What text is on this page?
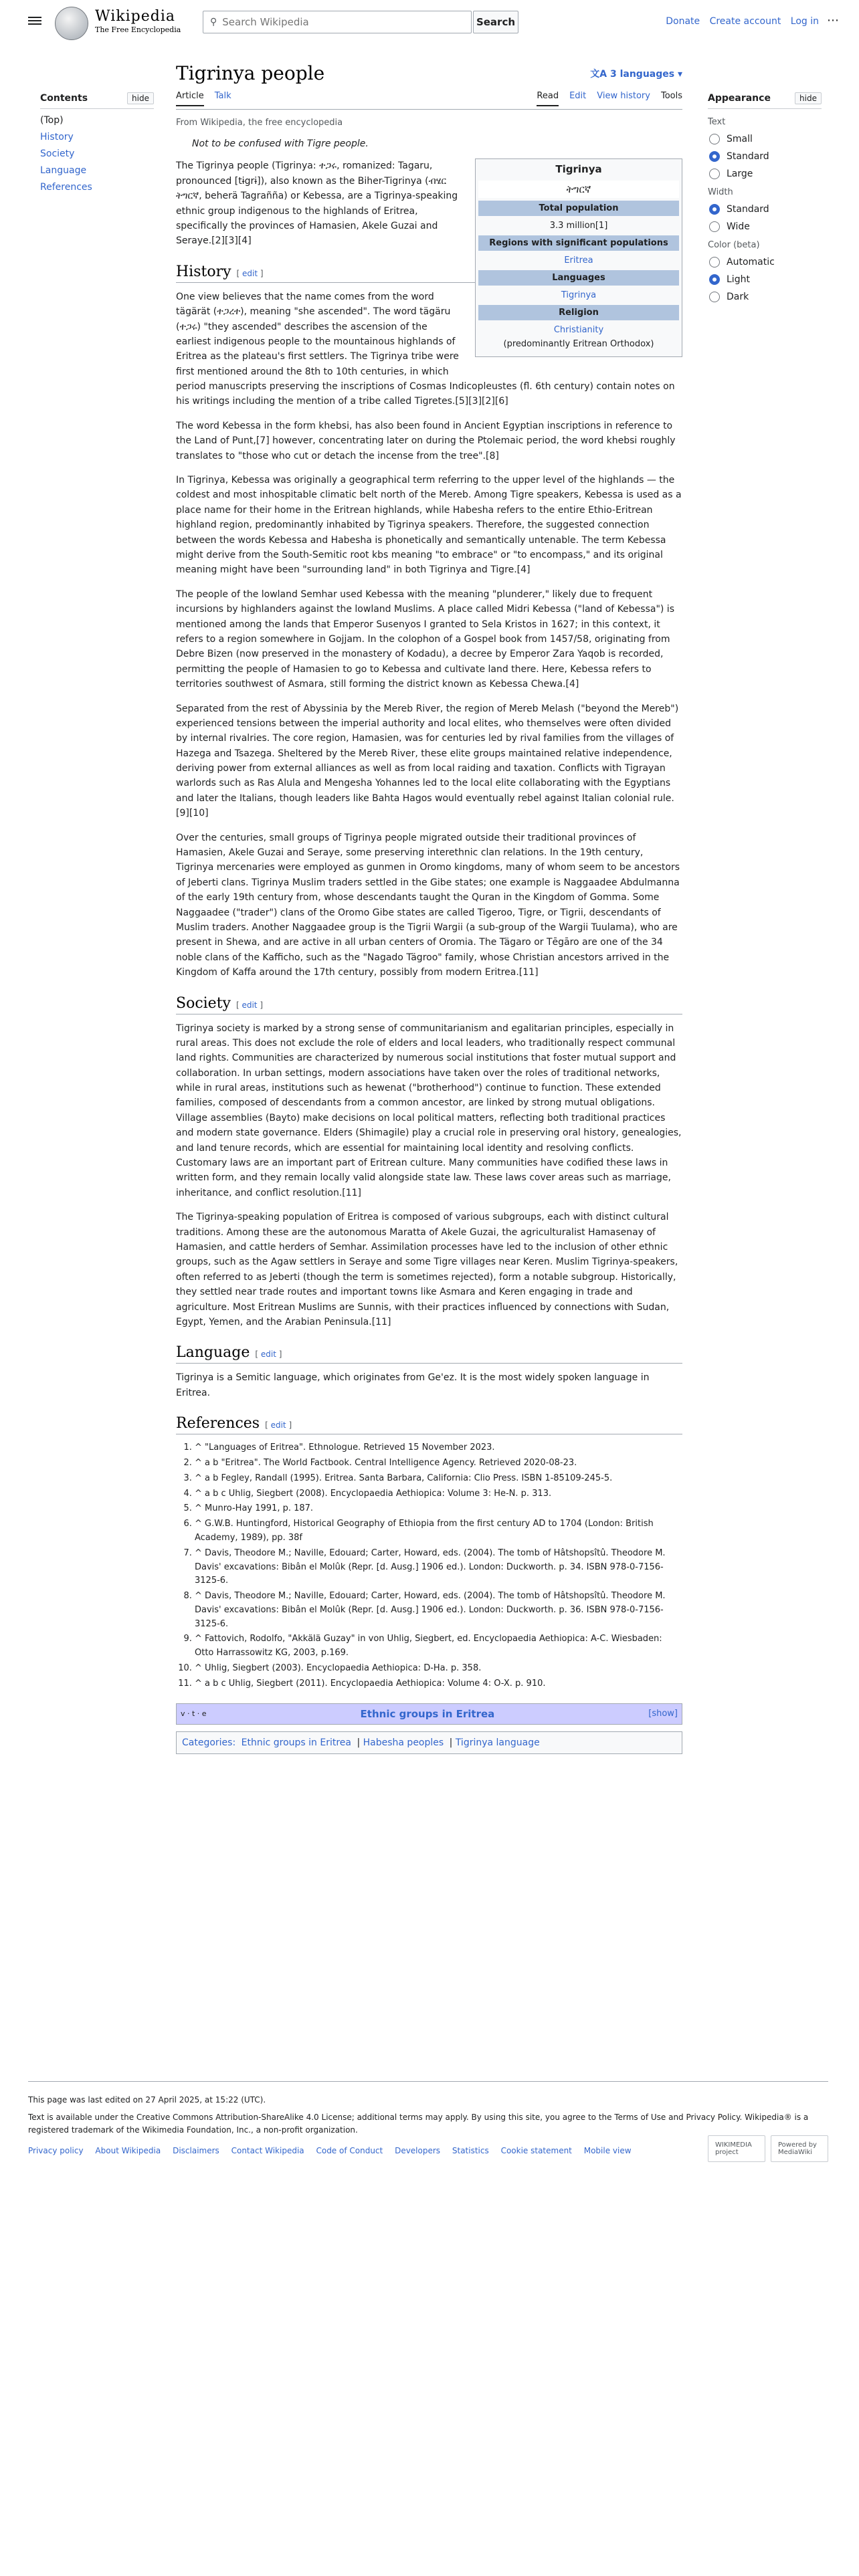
Wikipedia
The Free Encyclopedia
⚲
Search Wikipedia	Search	Donate Create account Log in ⋯
Contents	hide
(Top)
History
Society
Language
References
Appearance	hide
Text
Small
Standard
Large
Width
Standard
Wide
Color (beta)
Automatic
Light
Dark
Tigrinya people	文A 3 languages ▾
Article Talk	Read Edit View history Tools
From Wikipedia, the free encyclopedia
Not to be confused with Tigre people.
Tigrinya
ትግርኛ
Total population
3.3 million[1]
Regions with significant populations
Eritrea
Languages
Tigrinya
Religion
Christianity
(predominantly Eritrean Orthodox)

The Tigrinya people (Tigrinya: ተጋሩ, romanized: Tagaru, pronounced [tɨgrɨ]), also known as the Biher-Tigrinya (ብሄር ትግርኛ, beherä Tagrañña) or Kebessa, are a Tigrinya-speaking ethnic group indigenous to the highlands of Eritrea, specifically the provinces of Hamasien, Akele Guzai and Seraye.[2][3][4]

History [ edit ]

One view believes that the name comes from the word tägärät (ተጋረተ), meaning "she ascended". The word tägäru (ተጋሩ) "they ascended" describes the ascension of the earliest indigenous people to the mountainous highlands of Eritrea as the plateau's first settlers. The Tigrinya tribe were first mentioned around the 8th to 10th centuries, in which period manuscripts preserving the inscriptions of Cosmas Indicopleustes (fl. 6th century) contain notes on his writings including the mention of a tribe called Tigretes.[5][3][2][6]

The word Kebessa in the form khebsi, has also been found in Ancient Egyptian inscriptions in reference to the Land of Punt,[7] however, concentrating later on during the Ptolemaic period, the word khebsi roughly translates to "those who cut or detach the incense from the tree".[8]

In Tigrinya, Kebessa was originally a geographical term referring to the upper level of the highlands — the coldest and most inhospitable climatic belt north of the Mereb. Among Tigre speakers, Kebessa is used as a place name for their home in the Eritrean highlands, while Habesha refers to the entire Ethio-Eritrean highland region, predominantly inhabited by Tigrinya speakers. Therefore, the suggested connection between the words Kebessa and Habesha is phonetically and semantically untenable. The term Kebessa might derive from the South-Semitic root kbs meaning "to embrace" or "to encompass," and its original meaning might have been "surrounding land" in both Tigrinya and Tigre.[4]

The people of the lowland Semhar used Kebessa with the meaning "plunderer," likely due to frequent incursions by highlanders against the lowland Muslims. A place called Midri Kebessa ("land of Kebessa") is mentioned among the lands that Emperor Susenyos I granted to Sela Kristos in 1627; in this context, it refers to a region somewhere in Gojjam. In the colophon of a Gospel book from 1457/58, originating from Debre Bizen (now preserved in the monastery of Kodadu), a decree by Emperor Zara Yaqob is recorded, permitting the people of Hamasien to go to Kebessa and cultivate land there. Here, Kebessa refers to territories southwest of Asmara, still forming the district known as Kebessa Chewa.[4]

Separated from the rest of Abyssinia by the Mereb River, the region of Mereb Melash ("beyond the Mereb") experienced tensions between the imperial authority and local elites, who themselves were often divided by internal rivalries. The core region, Hamasien, was for centuries led by rival families from the villages of Hazega and Tsazega. Sheltered by the Mereb River, these elite groups maintained relative independence, deriving power from external alliances as well as from local raiding and taxation. Conflicts with Tigrayan warlords such as Ras Alula and Mengesha Yohannes led to the local elite collaborating with the Egyptians and later the Italians, though leaders like Bahta Hagos would eventually rebel against Italian colonial rule.[9][10]

Over the centuries, small groups of Tigrinya people migrated outside their traditional provinces of Hamasien, Akele Guzai and Seraye, some preserving interethnic clan relations. In the 19th century, Tigrinya mercenaries were employed as gunmen in Oromo kingdoms, many of whom seem to be ancestors of Jeberti clans. Tigrinya Muslim traders settled in the Gibe states; one example is Naggaadee Abdulmanna of the early 19th century from, whose descendants taught the Quran in the Kingdom of Gomma. Some Naggaadee ("trader") clans of the Oromo Gibe states are called Tigeroo, Tigre, or Tigrii, descendants of Muslim traders. Another Naggaadee group is the Tigrii Wargii (a sub-group of the Wargii Tuulama), who are present in Shewa, and are active in all urban centers of Oromia. The Tägaro or Tēgāro are one of the 34 noble clans of the Kafficho, such as the "Nagado Tägroo" family, whose Christian ancestors arrived in the Kingdom of Kaffa around the 17th century, possibly from modern Eritrea.[11]

Society [ edit ]

Tigrinya society is marked by a strong sense of communitarianism and egalitarian principles, especially in rural areas. This does not exclude the role of elders and local leaders, who traditionally respect communal land rights. Communities are characterized by numerous social institutions that foster mutual support and collaboration. In urban settings, modern associations have taken over the roles of traditional networks, while in rural areas, institutions such as hewenat ("brotherhood") continue to function. These extended families, composed of descendants from a common ancestor, are linked by strong mutual obligations. Village assemblies (Bayto) make decisions on local political matters, reflecting both traditional practices and modern state governance. Elders (Shimagile) play a crucial role in preserving oral history, genealogies, and land tenure records, which are essential for maintaining local identity and resolving conflicts. Customary laws are an important part of Eritrean culture. Many communities have codified these laws in written form, and they remain locally valid alongside state law. These laws cover areas such as marriage, inheritance, and conflict resolution.[11]

The Tigrinya-speaking population of Eritrea is composed of various subgroups, each with distinct cultural traditions. Among these are the autonomous Maratta of Akele Guzai, the agriculturalist Hamasenay of Hamasien, and cattle herders of Semhar. Assimilation processes have led to the inclusion of other ethnic groups, such as the Agaw settlers in Seraye and some Tigre villages near Keren. Muslim Tigrinya-speakers, often referred to as Jeberti (though the term is sometimes rejected), form a notable subgroup. Historically, they settled near trade routes and important towns like Asmara and Keren engaging in trade and agriculture. Most Eritrean Muslims are Sunnis, with their practices influenced by connections with Sudan, Egypt, Yemen, and the Arabian Peninsula.[11]

Language [ edit ]

Tigrinya is a Semitic language, which originates from Ge'ez. It is the most widely spoken language in Eritrea.

References [ edit ]
1. ^ "Languages of Eritrea". Ethnologue. Retrieved 15 November 2023.
2. ^ a b "Eritrea". The World Factbook. Central Intelligence Agency. Retrieved 2020-08-23.
3. ^ a b Fegley, Randall (1995). Eritrea. Santa Barbara, California: Clio Press. ISBN 1-85109-245-5.
4. ^ a b c Uhlig, Siegbert (2008). Encyclopaedia Aethiopica: Volume 3: He-N. p. 313.
5. ^ Munro-Hay 1991, p. 187.
6. ^ G.W.B. Huntingford, Historical Geography of Ethiopia from the first century AD to 1704 (London: British Academy, 1989), pp. 38f
7. ^ Davis, Theodore M.; Naville, Edouard; Carter, Howard, eds. (2004). The tomb of Hâtshopsîtû. Theodore M. Davis' excavations: Bibân el Molûk (Repr. [d. Ausg.] 1906 ed.). London: Duckworth. p. 34. ISBN 978-0-7156-3125-6.
8. ^ Davis, Theodore M.; Naville, Edouard; Carter, Howard, eds. (2004). The tomb of Hâtshopsîtû. Theodore M. Davis' excavations: Bibân el Molûk (Repr. [d. Ausg.] 1906 ed.). London: Duckworth. p. 36. ISBN 978-0-7156-3125-6.
9. ^ Fattovich, Rodolfo, "Akkälä Guzay" in von Uhlig, Siegbert, ed. Encyclopaedia Aethiopica: A-C. Wiesbaden: Otto Harrassowitz KG, 2003, p.169.
10. ^ Uhlig, Siegbert (2003). Encyclopaedia Aethiopica: D-Ha. p. 358.
11. ^ a b c Uhlig, Siegbert (2011). Encyclopaedia Aethiopica: Volume 4: O-X. p. 910.
v · t · e	Ethnic groups in Eritrea	[show]
Categories: Ethnic groups in Eritrea | Habesha peoples | Tigrinya language
This page was last edited on 27 April 2025, at 15:22 (UTC).
Text is available under the Creative Commons Attribution-ShareAlike 4.0 License; additional terms may apply. By using this site, you agree to the Terms of Use and Privacy Policy. Wikipedia® is a registered trademark of the Wikimedia Foundation, Inc., a non-profit organization.
Privacy policy About Wikipedia Disclaimers Contact Wikipedia Code of Conduct Developers Statistics Cookie statement Mobile view
WIKIMEDIA project
Powered by MediaWiki
